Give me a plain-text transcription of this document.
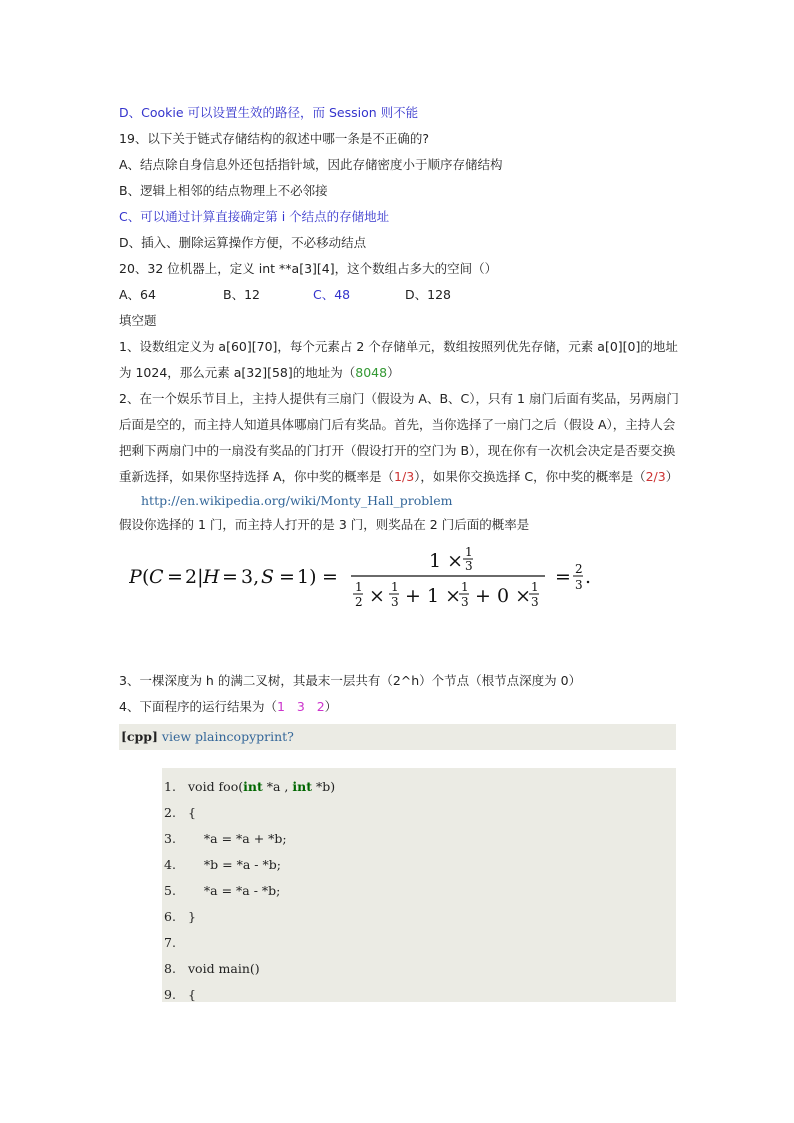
D、Cookie 可以设置生效的路径，而 Session 则不能
19、以下关于链式存储结构的叙述中哪一条是不正确的?
A、结点除自身信息外还包括指针域，因此存储密度小于顺序存储结构
B、逻辑上相邻的结点物理上不必邻接
C、可以通过计算直接确定第 i 个结点的存储地址
D、插入、删除运算操作方便，不必移动结点
20、32 位机器上，定义 int **a[3][4]，这个数组占多大的空间（）
A、64	B、12	C、48	D、128
填空题
1、设数组定义为 a[60][70]，每个元素占 2 个存储单元，数组按照列优先存储，元素 a[0][0]的地址为 1024，那么元素 a[32][58]的地址为（8048）
2、在一个娱乐节目上，主持人提供有三扇门（假设为 A、B、C），只有 1 扇门后面有奖品，另两扇门后面是空的，而主持人知道具体哪扇门后有奖品。首先，当你选择了一扇门之后（假设 A），主持人会把剩下两扇门中的一扇没有奖品的门打开（假设打开的空门为 B），现在你有一次机会决定是否要交换重新选择，如果你坚持选择 A，你中奖的概率是（1/3），如果你交换选择 C，你中奖的概率是（2/3）
http://en.wikipedia.org/wiki/Monty_Hall_problem
假设你选择的 1 门，而主持人打开的是 3 门，则奖品在 2 门后面的概率是
P ( C = 2| H = 3, S = 1) =
1 × 1
3
1
2 × 1
3 + 1 × 1
3 + 0 × 1
3
= 2
3 .
3、一棵深度为 h 的满二叉树，其最末一层共有（2^h）个节点（根节点深度为 0）
4、下面程序的运行结果为（1   3   2）
[cpp] view plaincopyprint?
1. void foo(int *a , int *b)
2. {
3.    *a = *a + *b;
4.    *b = *a - *b;
5.    *a = *a - *b;
6. }
7.
8. void main()
9. {
